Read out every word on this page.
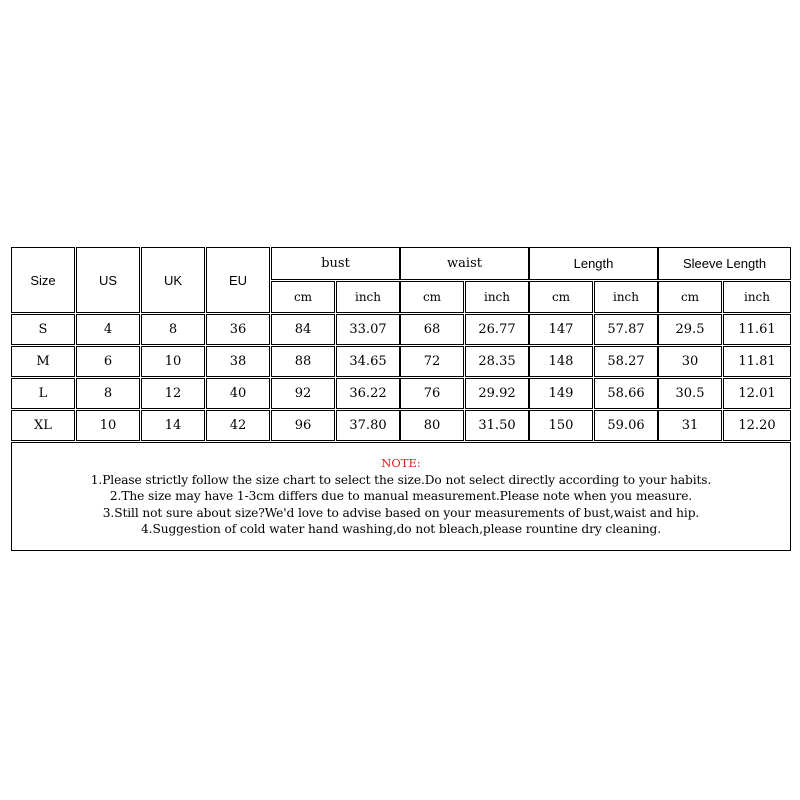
Size	US	UK	EU
bust	waist	Length	Sleeve Length
cm	inch	cm	inch	cm	inch	cm	inch
NOTE:
1.Please strictly follow the size chart to select the size.Do not select directly according to your habits.
2.The size may have 1-3cm differs due to manual measurement.Please note when you measure.
3.Still not sure about size?We'd love to advise based on your measurements of bust,waist and hip.
4.Suggestion of cold water hand washing,do not bleach,please rountine dry cleaning.
S	4	8	36	84	33.07	68	26.77	147	57.87	29.5	11.61
M	6	10	38	88	34.65	72	28.35	148	58.27	30	11.81
L	8	12	40	92	36.22	76	29.92	149	58.66	30.5	12.01
XL	10	14	42	96	37.80	80	31.50	150	59.06	31	12.20
